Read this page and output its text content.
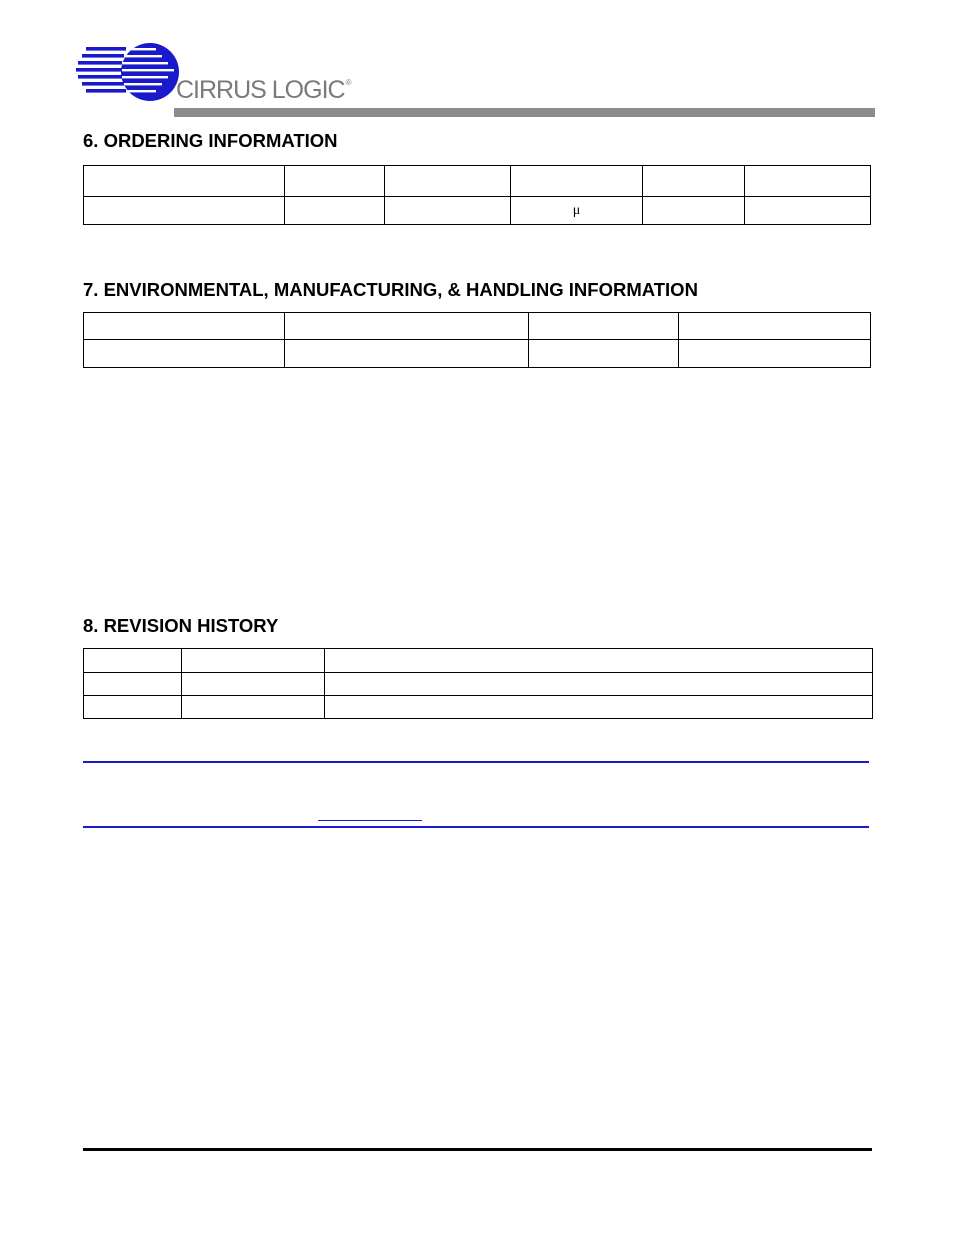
CIRRUS LOGIC®
6. ORDERING INFORMATION

			μ		
7. ENVIRONMENTAL, MANUFACTURING, & HANDLING INFORMATION

8. REVISION HISTORY
